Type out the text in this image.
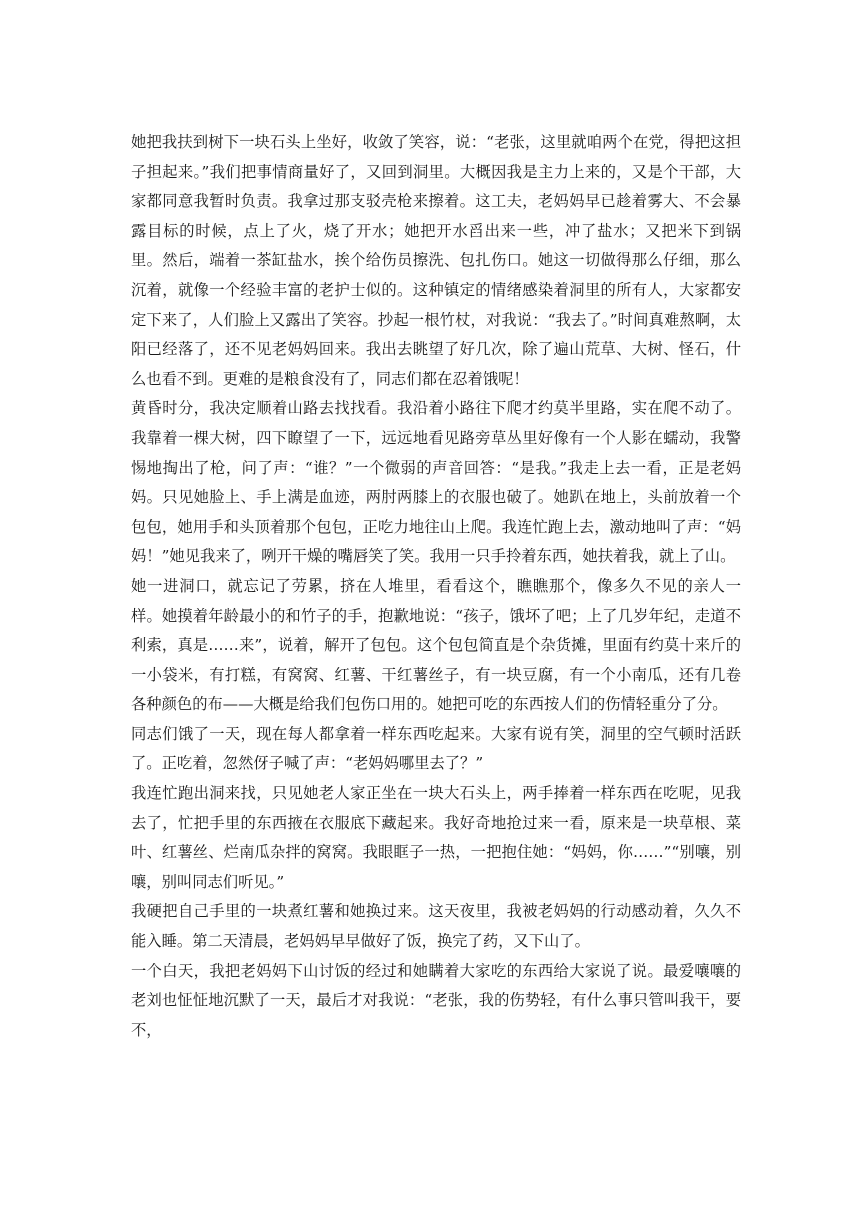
她把我扶到树下一块石头上坐好，收敛了笑容，说：“老张，这里就咱两个在党，得把这担子担起来。”我们把事情商量好了，又回到洞里。大概因我是主力上来的，又是个干部，大家都同意我暂时负责。我拿过那支驳壳枪来擦着。这工夫，老妈妈早已趁着雾大、不会暴露目标的时候，点上了火，烧了开水；她把开水舀出来一些，冲了盐水；又把米下到锅里。然后，端着一茶缸盐水，挨个给伤员擦洗、包扎伤口。她这一切做得那么仔细，那么沉着，就像一个经验丰富的老护士似的。这种镇定的情绪感染着洞里的所有人，大家都安定下来了，人们脸上又露出了笑容。抄起一根竹杖，对我说：“我去了。”时间真难熬啊，太阳已经落了，还不见老妈妈回来。我出去眺望了好几次，除了遍山荒草、大树、怪石，什么也看不到。更难的是粮食没有了，同志们都在忍着饿呢！

黄昏时分，我决定顺着山路去找找看。我沿着小路往下爬才约莫半里路，实在爬不动了。我靠着一棵大树，四下瞭望了一下，远远地看见路旁草丛里好像有一个人影在蠕动，我警惕地掏出了枪，问了声：“谁？”一个微弱的声音回答：“是我。”我走上去一看，正是老妈妈。只见她脸上、手上满是血迹，两肘两膝上的衣服也破了。她趴在地上，头前放着一个包包，她用手和头顶着那个包包，正吃力地往山上爬。我连忙跑上去，激动地叫了声：“妈妈！”她见我来了，咧开干燥的嘴唇笑了笑。我用一只手拎着东西，她扶着我，就上了山。

她一进洞口，就忘记了劳累，挤在人堆里，看看这个，瞧瞧那个，像多久不见的亲人一样。她摸着年龄最小的和竹子的手，抱歉地说：“孩子，饿坏了吧；上了几岁年纪，走道不利索，真是……来”，说着，解开了包包。这个包包简直是个杂货摊，里面有约莫十来斤的一小袋米，有打糕，有窝窝、红薯、干红薯丝子，有一块豆腐，有一个小南瓜，还有几卷各种颜色的布——大概是给我们包伤口用的。她把可吃的东西按人们的伤情轻重分了分。

同志们饿了一天，现在每人都拿着一样东西吃起来。大家有说有笑，洞里的空气顿时活跃了。正吃着，忽然伢子喊了声：“老妈妈哪里去了？”

我连忙跑出洞来找，只见她老人家正坐在一块大石头上，两手捧着一样东西在吃呢，见我去了，忙把手里的东西掖在衣服底下藏起来。我好奇地抢过来一看，原来是一块草根、菜叶、红薯丝、烂南瓜杂拌的窝窝。我眼眶子一热，一把抱住她：“妈妈，你……”“别嚷，别嚷，别叫同志们听见。”

我硬把自己手里的一块煮红薯和她换过来。这天夜里，我被老妈妈的行动感动着，久久不能入睡。第二天清晨，老妈妈早早做好了饭，换完了药，又下山了。

一个白天，我把老妈妈下山讨饭的经过和她瞒着大家吃的东西给大家说了说。最爱嚷嚷的老刘也怔怔地沉默了一天，最后才对我说：“老张，我的伤势轻，有什么事只管叫我干，要不，
